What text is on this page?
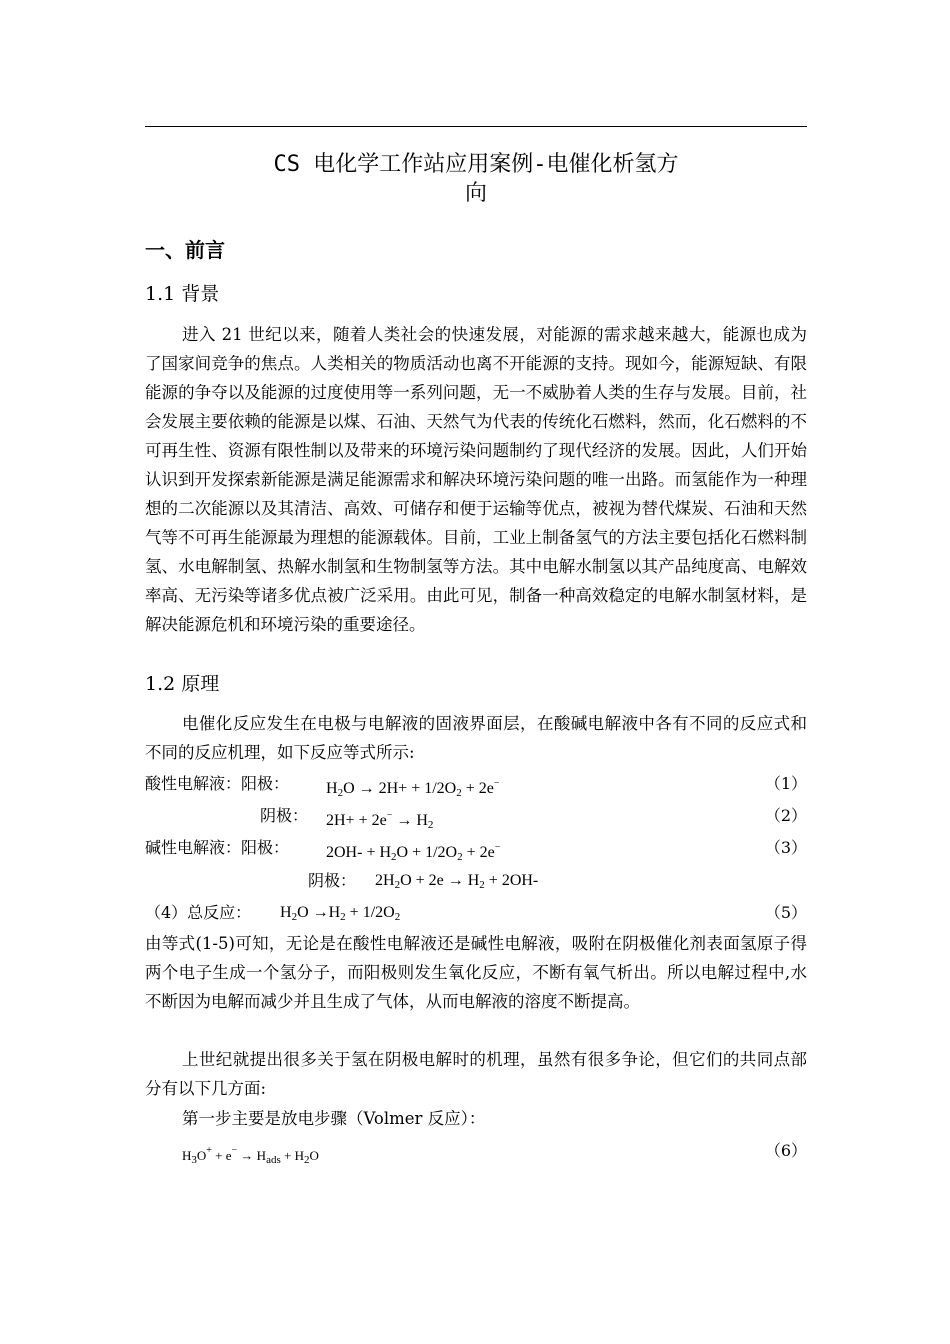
CS 电化学工作站应用案例-电催化析氢方
向
一、前言
1.1 背景
进入 21 世纪以来，随着人类社会的快速发展，对能源的需求越来越大，能源也成为了国家间竞争的焦点。人类相关的物质活动也离不开能源的支持。现如今，能源短缺、有限能源的争夺以及能源的过度使用等一系列问题，无一不威胁着人类的生存与发展。目前，社会发展主要依赖的能源是以煤、石油、天然气为代表的传统化石燃料，然而，化石燃料的不可再生性、资源有限性制以及带来的环境污染问题制约了现代经济的发展。因此，人们开始认识到开发探索新能源是满足能源需求和解决环境污染问题的唯一出路。而氢能作为一种理想的二次能源以及其清洁、高效、可储存和便于运输等优点，被视为替代煤炭、石油和天然气等不可再生能源最为理想的能源载体。目前，工业上制备氢气的方法主要包括化石燃料制氢、水电解制氢、热解水制氢和生物制氢等方法。其中电解水制氢以其产品纯度高、电解效率高、无污染等诸多优点被广泛采用。由此可见，制备一种高效稳定的电解水制氢材料，是解决能源危机和环境污染的重要途径。
1.2 原理
电催化反应发生在电极与电解液的固液界面层，在酸碱电解液中各有不同的反应式和不同的反应机理，如下反应等式所示:
酸性电解液：阳极： $H_2O \to 2H+ + 1/2O_2 + 2e^-$	（1）
阴极： $2H+ + 2e^- \to H_2$	（2）
碱性电解液：阳极： $2OH- + H_2O + 1/2O_2 + 2e^-$	（3）
阴极： $2H_2O + 2e \to H_2 + 2OH-$
（4）总反应： $H_2O \to H_2 + 1/2O_2$	（5）
由等式(1-5)可知，无论是在酸性电解液还是碱性电解液，吸附在阴极催化剂表面氢原子得两个电子生成一个氢分子，而阳极则发生氧化反应，不断有氧气析出。所以电解过程中,水不断因为电解而减少并且生成了气体，从而电解液的溶度不断提高。
上世纪就提出很多关于氢在阴极电解时的机理，虽然有很多争论，但它们的共同点部分有以下几方面:
第一步主要是放电步骤（Volmer 反应）：
$H_3O^+ + e^- \to H_{ads} + H_2O$	（6）
